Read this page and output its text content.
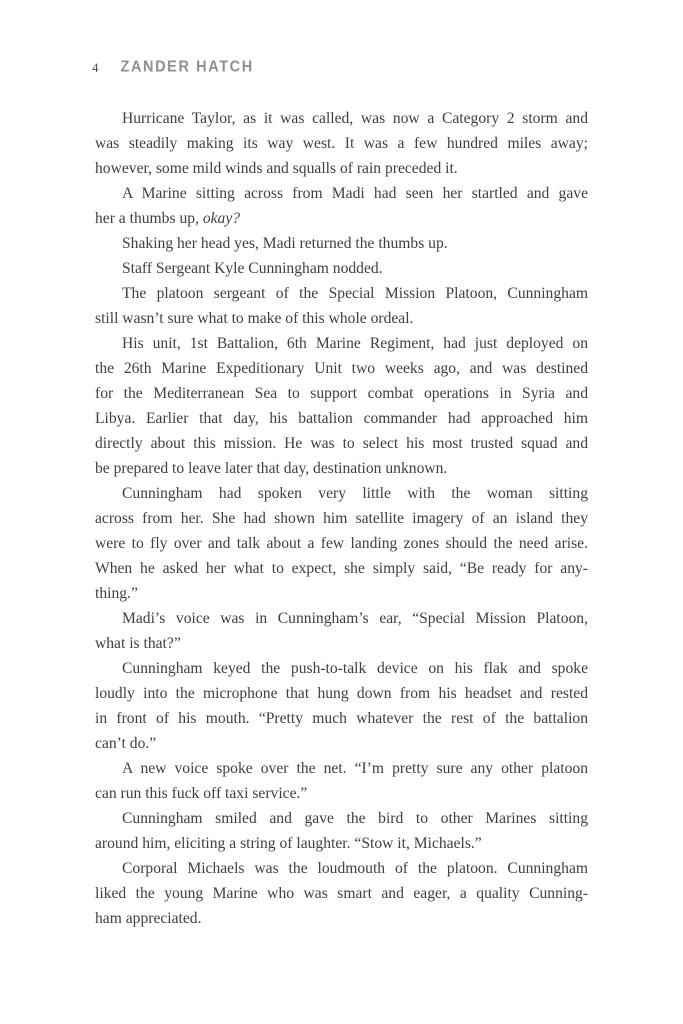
4 ZANDER HATCH
Hurricane Taylor, as it was called, was now a Category 2 storm and
was steadily making its way west. It was a few hundred miles away;
however, some mild winds and squalls of rain preceded it.
A Marine sitting across from Madi had seen her startled and gave
her a thumbs up, okay?
Shaking her head yes, Madi returned the thumbs up.
Staff Sergeant Kyle Cunningham nodded.
The platoon sergeant of the Special Mission Platoon, Cunningham
still wasn’t sure what to make of this whole ordeal.
His unit, 1st Battalion, 6th Marine Regiment, had just deployed on
the 26th Marine Expeditionary Unit two weeks ago, and was destined
for the Mediterranean Sea to support combat operations in Syria and
Libya. Earlier that day, his battalion commander had approached him
directly about this mission. He was to select his most trusted squad and
be prepared to leave later that day, destination unknown.
Cunningham had spoken very little with the woman sitting
across from her. She had shown him satellite imagery of an island they
were to fly over and talk about a few landing zones should the need arise.
When he asked her what to expect, she simply said, “Be ready for any-
thing.”
Madi’s voice was in Cunningham’s ear, “Special Mission Platoon,
what is that?”
Cunningham keyed the push-to-talk device on his flak and spoke
loudly into the microphone that hung down from his headset and rested
in front of his mouth. “Pretty much whatever the rest of the battalion
can’t do.”
A new voice spoke over the net. “I’m pretty sure any other platoon
can run this fuck off taxi service.”
Cunningham smiled and gave the bird to other Marines sitting
around him, eliciting a string of laughter. “Stow it, Michaels.”
Corporal Michaels was the loudmouth of the platoon. Cunningham
liked the young Marine who was smart and eager, a quality Cunning-
ham appreciated.
